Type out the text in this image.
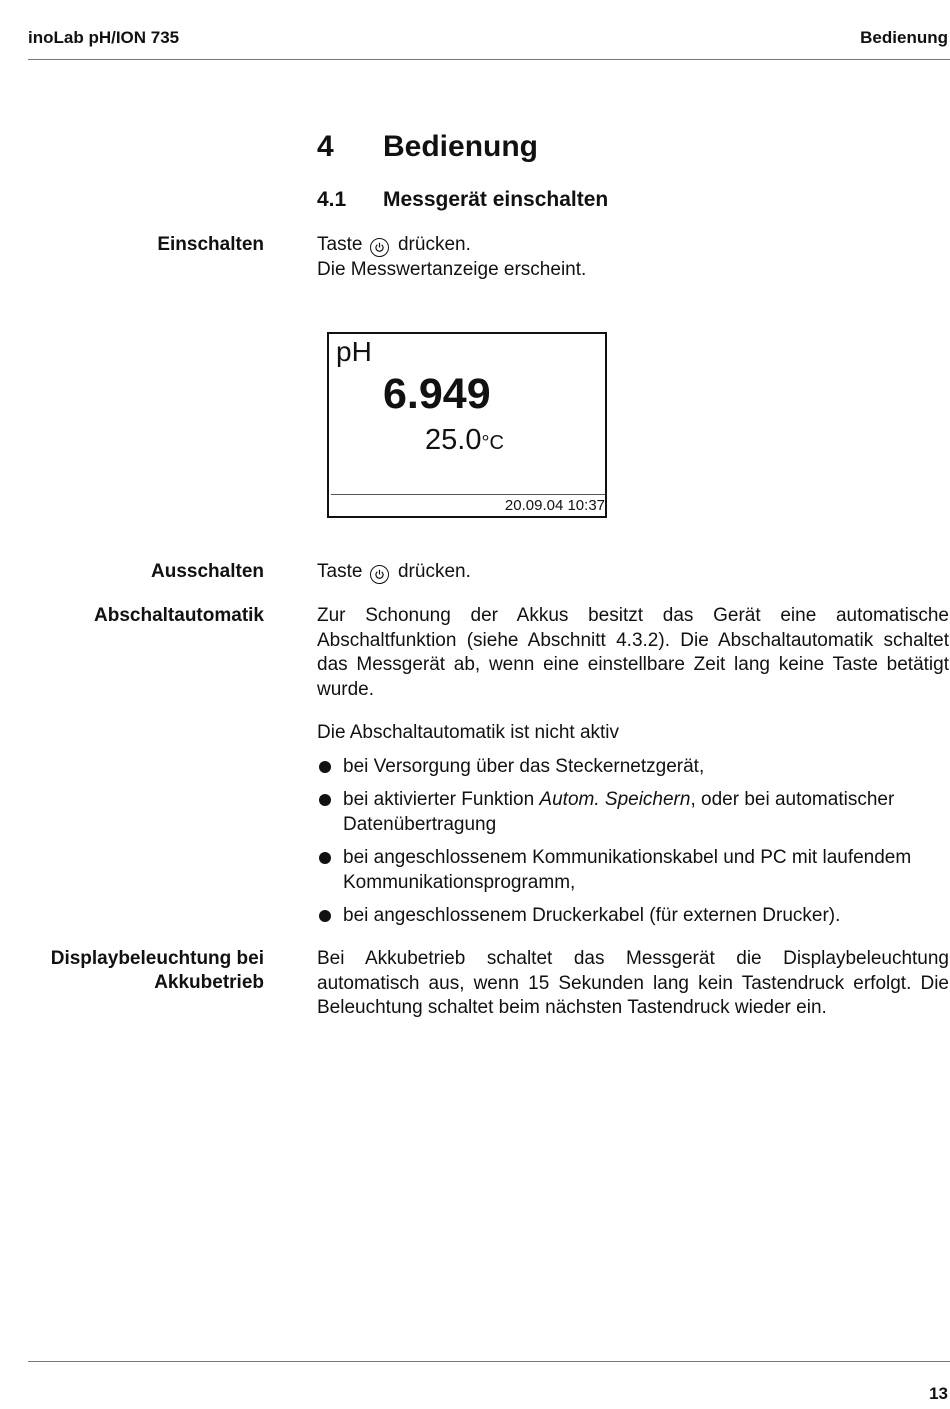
inoLab pH/ION 735	Bedienung
4 Bedienung
4.1 Messgerät einschalten
Einschalten	Taste drücken.

Die Messwertanzeige erscheint.

pH
6.949
25.0°C
20.09.04 10:37
Ausschalten	Taste drücken.

Abschaltautomatik	Zur Schonung der Akkus besitzt das Gerät eine automatische Abschaltfunktion (siehe Abschnitt 4.3.2). Die Abschaltautomatik schaltet das Messgerät ab, wenn eine einstellbare Zeit lang keine Taste betätigt wurde.

Die Abschaltautomatik ist nicht aktiv

bei Versorgung über das Steckernetzgerät,
bei aktivierter Funktion Autom. Speichern, oder bei automatischer Datenübertragung
bei angeschlossenem Kommunikationskabel und PC mit laufendem Kommunikationsprogramm,
bei angeschlossenem Druckerkabel (für externen Drucker).
Displaybeleuchtung bei
Akkubetrieb

Bei Akkubetrieb schaltet das Messgerät die Displaybeleuchtung automatisch aus, wenn 15 Sekunden lang kein Tastendruck erfolgt. Die Beleuchtung schaltet beim nächsten Tastendruck wieder ein.

13
